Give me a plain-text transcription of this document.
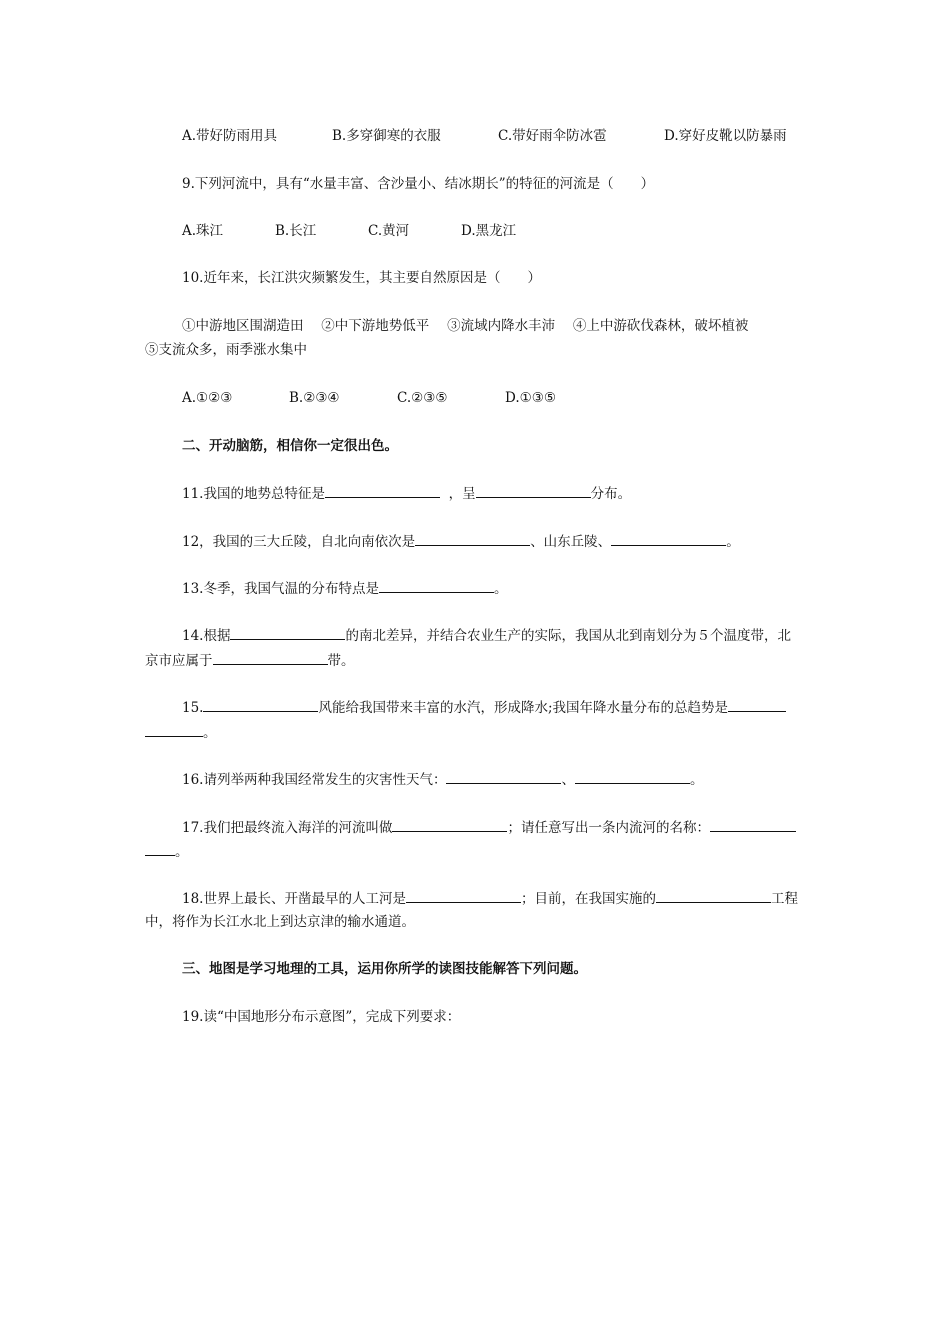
A.带好防雨用具	B.多穿御寒的衣服	C.带好雨伞防冰雹	D.穿好皮靴以防暴雨
9.下列河流中，具有“水量丰富、含沙量小、结冰期长”的特征的河流是（　　）
A.珠江	B.长江	C.黄河	D.黑龙江
10.近年来，长江洪灾频繁发生，其主要自然原因是（　　）
①中游地区围湖造田　 ②中下游地势低平　 ③流域内降水丰沛　 ④上中游砍伐森林，破坏植被
⑤支流众多，雨季涨水集中
A.①②③	B.②③④	C.②③⑤	D.①③⑤
二、开动脑筋，相信你一定很出色。
11.我国的地势总特征是	，呈	分布。
12，我国的三大丘陵，自北向南依次是	、山东丘陵、	。
13.冬季，我国气温的分布特点是	。
14.根据	的南北差异，并结合农业生产的实际，我国从北到南划分为５个温度带，北
京市应属于	带。
15.	风能给我国带来丰富的水汽，形成降水;我国年降水量分布的总趋势是
。
16.请列举两种我国经常发生的灾害性天气：	、	。
17.我们把最终流入海洋的河流叫做	；请任意写出一条内流河的名称：
。
18.世界上最长、开凿最早的人工河是	；目前，在我国实施的	工程
中，将作为长江水北上到达京津的输水通道。
三、地图是学习地理的工具，运用你所学的读图技能解答下列问题。
19.读“中国地形分布示意图”，完成下列要求：
